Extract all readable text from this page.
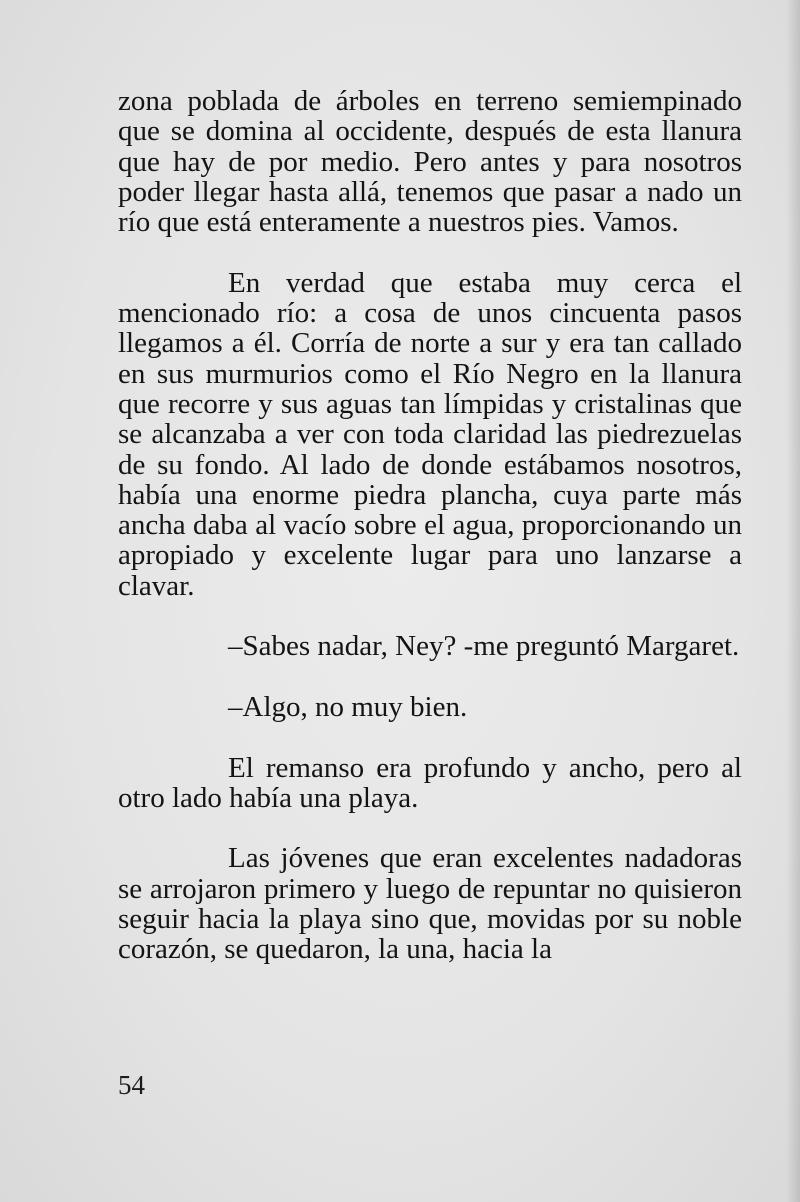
zona poblada de árboles en terreno semiempinado que se domina al occidente, después de esta llanura que hay de por medio. Pero antes y para nosotros poder llegar hasta allá, tenemos que pasar a nado un río que está enteramente a nuestros pies. Vamos.

En verdad que estaba muy cerca el mencionado río: a cosa de unos cincuenta pasos llegamos a él. Corría de norte a sur y era tan callado en sus murmurios como el Río Negro en la llanura que recorre y sus aguas tan límpidas y cristalinas que se alcanzaba a ver con toda claridad las piedrezuelas de su fondo. Al lado de donde estábamos nosotros, había una enorme piedra plancha, cuya parte más ancha daba al vacío sobre el agua, proporcionando un apropiado y excelente lugar para uno lanzarse a clavar.

–Sabes nadar, Ney? -me preguntó Margaret.

–Algo, no muy bien.

El remanso era profundo y ancho, pero al otro lado había una playa.

Las jóvenes que eran excelentes nadadoras se arrojaron primero y luego de repuntar no quisieron seguir hacia la playa sino que, movidas por su noble corazón, se quedaron, la una, hacia la

54
